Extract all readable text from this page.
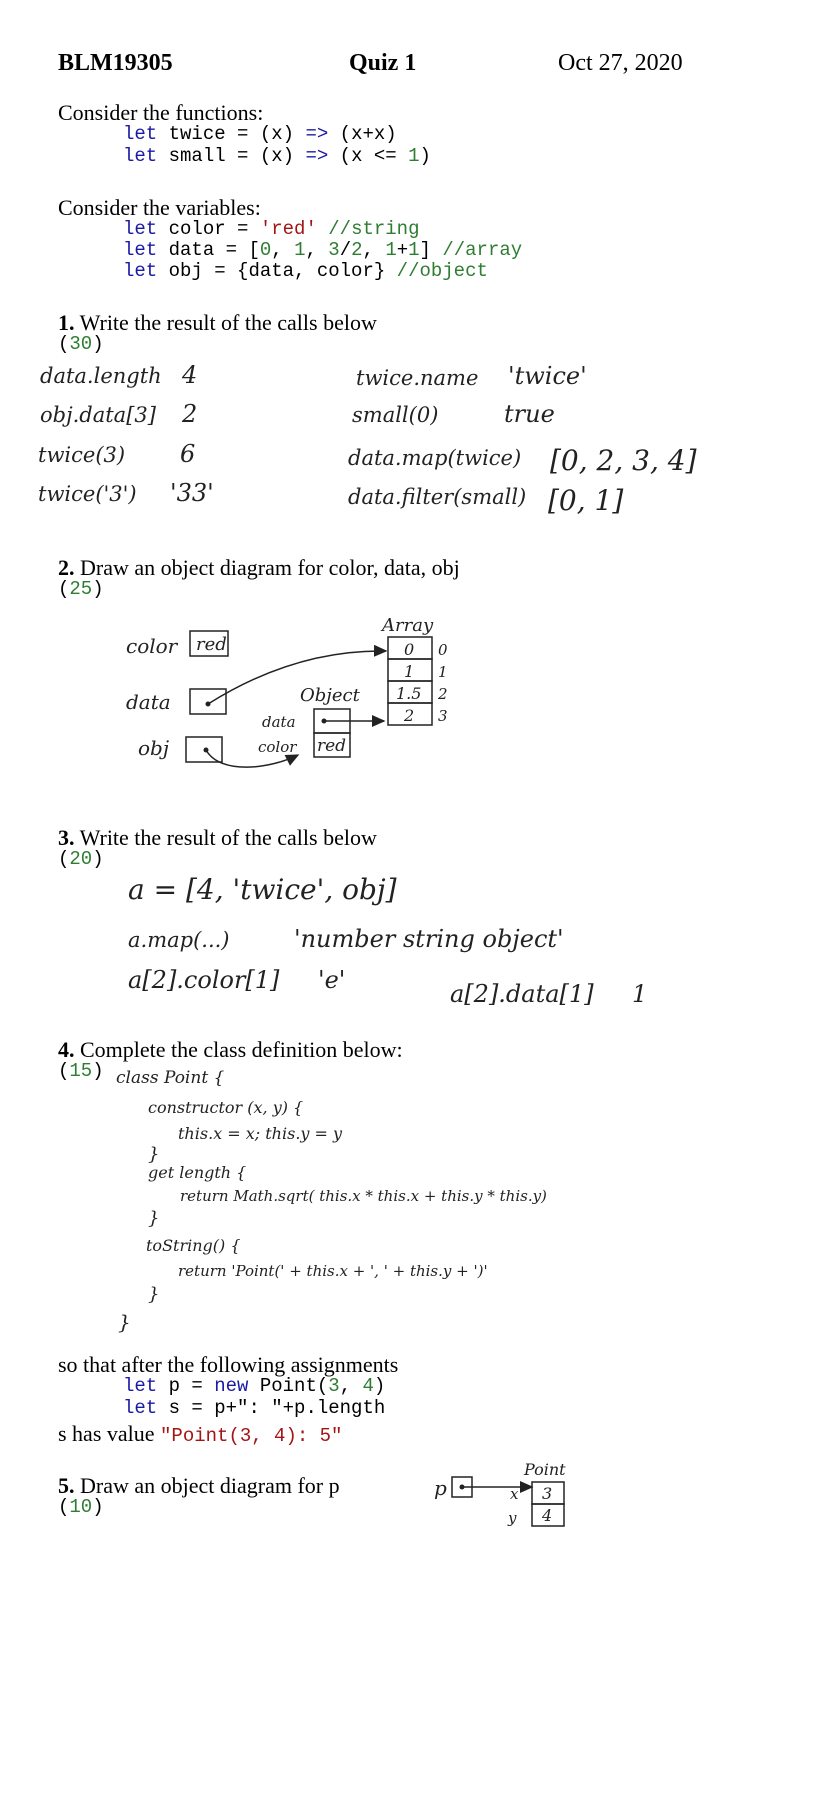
BLM19305	Quiz 1	Oct 27, 2020
Consider the functions:
let twice = (x) => (x+x)
let small = (x) => (x <= 1)
Consider the variables:
let color = 'red' //string
let data = [0, 1, 3/2, 1+1] //array
let obj = {data, color} //object
1. Write the result of the calls below
(30)
data.length 4
obj.data[3] 2
twice(3) 6
twice('3') '33'
twice.name 'twice'
small(0)	true
data.map(twice) [0, 2, 3, 4]
data.filter(small) [0, 1]
2. Draw an object diagram for color, data, obj
(25)
color red
data
obj
Object
data
color red
Array
0
1
1.5
2
0
1
2
3
3. Write the result of the calls below
(20)
a = [4, 'twice', obj]
a.map(...)	'number string object'
a[2].color[1] 'e'	a[2].data[1] 1
4. Complete the class definition below:
(15) class Point {
constructor (x, y) {
this.x = x; this.y = y
}
get length {
return Math.sqrt( this.x * this.x + this.y * this.y)
}
toString() {
return 'Point(' + this.x + ', ' + this.y + ')'
}
}
so that after the following assignments
let p = new Point(3, 4)
let s = p+": "+p.length
s has value "Point(3, 4): 5"
5. Draw an object diagram for p
(10)
p
Point
x
y
3
4
